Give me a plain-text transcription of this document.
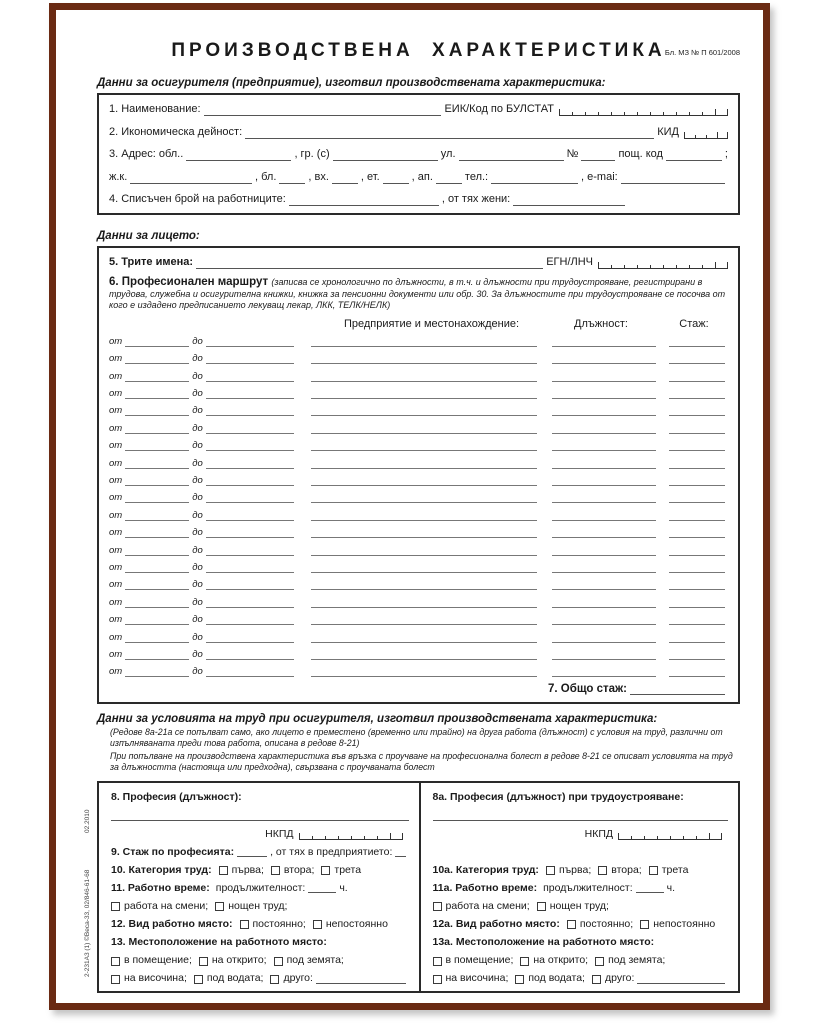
ПРОИЗВОДСТВЕНА ХАРАКТЕРИСТИКА Бл. МЗ № П 601/2008
Данни за осигурителя (предприятие), изготвил производствената характеристика:
1. Наименование:	ЕИК/Код по БУЛСТАТ
2. Икономическа дейност:	КИД
3. Адрес: обл..	, гр. (с)	ул.	№	пощ. код	;
ж.к.	, бл.	, вх.	, ет.	, ап.	тел.:	, e-mai:
4. Списъчен брой на работниците:	, от тях жени:
Данни за лицето:
5. Трите имена:	ЕГН/ЛНЧ
6. Професионален маршрут (записва се хронологично по длъжности, в т.ч. и длъжности при трудоустрояване, регистрирани в трудова, служебна и осигурителна книжки, книжка за пенсионни документи или обр. 30. За длъжностите при трудоустрояване се посочва от кого е издадено предписанието лекуващ лекар, ЛКК, ТЕЛК/НЕЛК)
Предприятие и местонахождение:	Длъжност:	Стаж:
от	до
от	до
от	до
от	до
от	до
от	до
от	до
от	до
от	до
от	до
от	до
от	до
от	до
от	до
от	до
от	до
от	до
от	до
от	до
от	до
7. Общо стаж:
Данни за условията на труд при осигурителя, изготвил производствената характеристика:
(Редове 8а-21а се попълват само, ако лицето е преместено (временно или трайно) на друга работа (длъжност) с условия на труд, различни от изпълняваната преди това работа, описана в редове 8-21)
При попълване на производствена характеристика във връзка с проучване на професионална болест в редове 8-21 се описват условията на труд за длъжността (настояща или предходна), свързвана с проучваната болест
8. Професия (длъжност):
НКПД
9. Стаж по професията:	, от тях в предприятието:
10. Категория труд: първа; втора; трета
11. Работно време: продължителност:	ч.
работа на смени; нощен труд;
12. Вид работно място: постоянно; непостоянно
13. Местоположение на работното място:
в помещение; на открито; под земята;
на височина; под водата; друго:
8а. Професия (длъжност) при трудоустрояване:
НКПД
10а. Категория труд: първа; втора; трета
11а. Работно време: продължителност:	ч.
работа на смени; нощен труд;
12а. Вид работно място: постоянно; непостоянно
13а. Местоположение на работното място:
в помещение; на открито; под земята;
на височина; под водата; друго:
02.2010
2-231А3 (1) ©Веса-33, 02/846-61-68
